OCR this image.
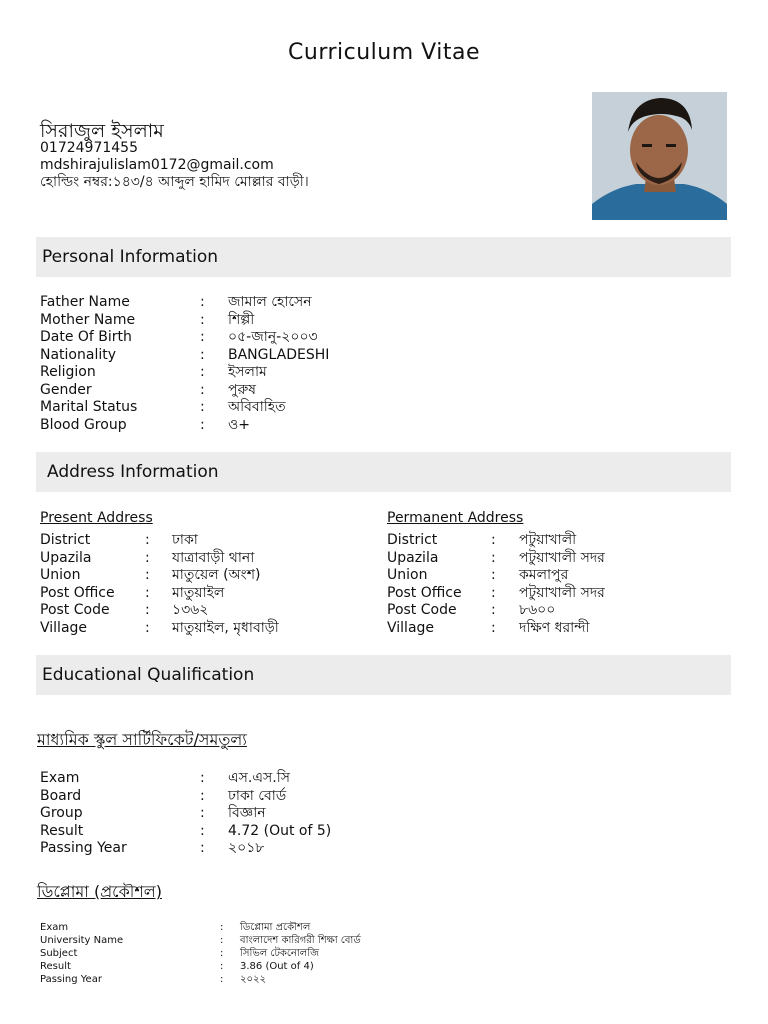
Curriculum Vitae
সিরাজুল ইসলাম
01724971455
mdshirajulislam0172@gmail.com
হোল্ডিং নম্বর:১৪৩/৪ আব্দুল হামিদ মোল্লার বাড়ী।
Personal Information
Father Name	: জামাল হোসেন
Mother Name	: শিল্পী
Date Of Birth	: ০৫-জানু-২০০৩
Nationality	: BANGLADESHI
Religion	: ইসলাম
Gender	: পুরুষ
Marital Status	: অবিবাহিত
Blood Group	: ও+
Address Information
Present Address
District	: ঢাকা
Upazila	: যাত্রাবাড়ী থানা
Union	: মাতুয়েল (অংশ)
Post Office : মাতুয়াইল
Post Code	: ১৩৬২
Village	: মাতুয়াইল, মৃধাবাড়ী
Permanent Address
District	: পটুয়াখালী
Upazila	: পটুয়াখালী সদর
Union	: কমলাপুর
Post Office : পটুয়াখালী সদর
Post Code : ৮৬০০
Village	: দক্ষিণ ধরান্দী
Educational Qualification
মাধ্যমিক স্কুল সার্টিফিকেট/সমতুল্য
Exam	: এস.এস.সি
Board	: ঢাকা বোর্ড
Group	: বিজ্ঞান
Result	: 4.72 (Out of 5)
Passing Year	: ২০১৮
ডিপ্লোমা (প্রকৌশল)
Exam	: ডিপ্লোমা প্রকৌশল
University Name	: বাংলাদেশ কারিগরী শিক্ষা বোর্ড
Subject	: সিভিল টেকনোলজি
Result	: 3.86 (Out of 4)
Passing Year	: ২০২২
